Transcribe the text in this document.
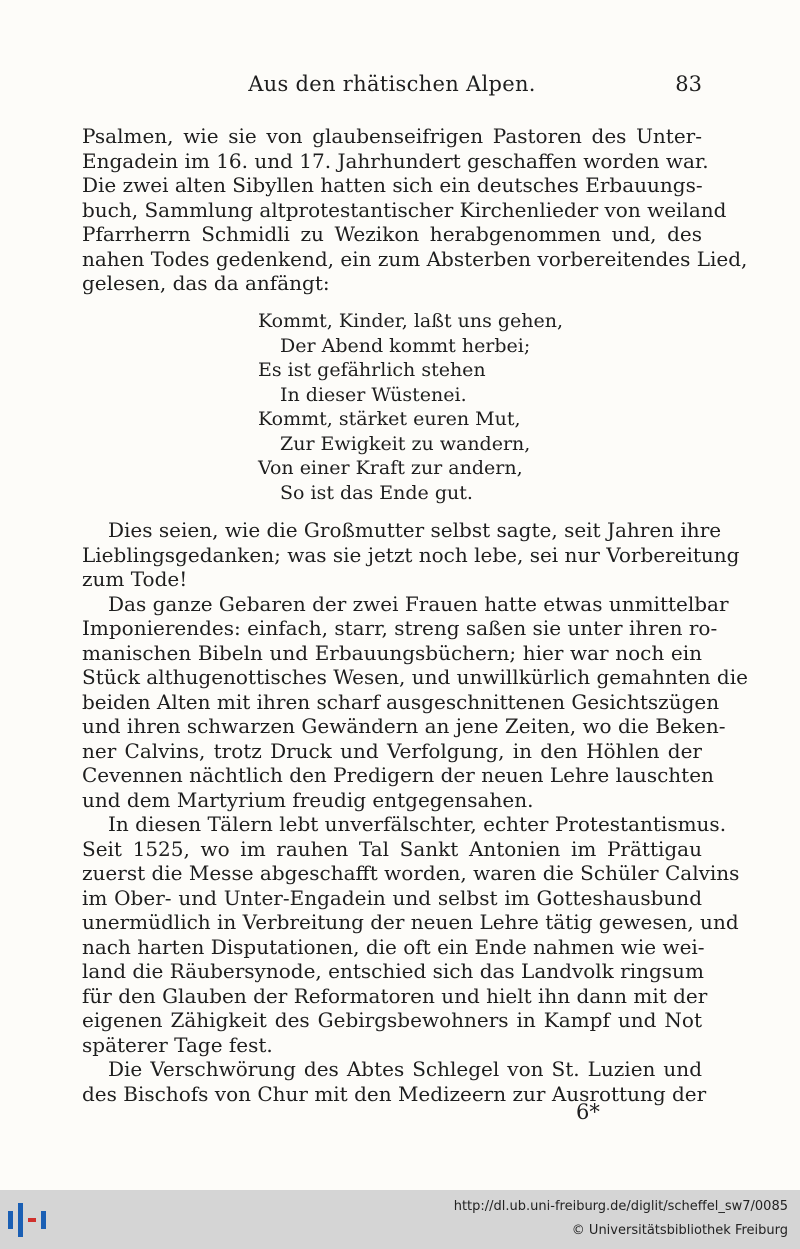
Aus den rhätischen Alpen.	83
Psalmen, wie sie von glaubenseifrigen Pastoren des Unter-
Engadein im 16. und 17. Jahrhundert geschaffen worden war.
Die zwei alten Sibyllen hatten sich ein deutsches Erbauungs-
buch, Sammlung altprotestantischer Kirchenlieder von weiland
Pfarrherrn Schmidli zu Wezikon herabgenommen und, des
nahen Todes gedenkend, ein zum Absterben vorbereitendes Lied,
gelesen, das da anfängt:
Kommt, Kinder, laßt uns gehen,
Der Abend kommt herbei;
Es ist gefährlich stehen
In dieser Wüstenei.
Kommt, stärket euren Mut,
Zur Ewigkeit zu wandern,
Von einer Kraft zur andern,
So ist das Ende gut.
Dies seien, wie die Großmutter selbst sagte, seit Jahren ihre
Lieblingsgedanken; was sie jetzt noch lebe, sei nur Vorbereitung
zum Tode!
Das ganze Gebaren der zwei Frauen hatte etwas unmittelbar
Imponierendes: einfach, starr, streng saßen sie unter ihren ro-
manischen Bibeln und Erbauungsbüchern; hier war noch ein
Stück althugenottisches Wesen, und unwillkürlich gemahnten die
beiden Alten mit ihren scharf ausgeschnittenen Gesichtszügen
und ihren schwarzen Gewändern an jene Zeiten, wo die Beken-
ner Calvins, trotz Druck und Verfolgung, in den Höhlen der
Cevennen nächtlich den Predigern der neuen Lehre lauschten
und dem Martyrium freudig entgegensahen.
In diesen Tälern lebt unverfälschter, echter Protestantismus.
Seit 1525, wo im rauhen Tal Sankt Antonien im Prättigau
zuerst die Messe abgeschafft worden, waren die Schüler Calvins
im Ober- und Unter-Engadein und selbst im Gotteshausbund
unermüdlich in Verbreitung der neuen Lehre tätig gewesen, und
nach harten Disputationen, die oft ein Ende nahmen wie wei-
land die Räubersynode, entschied sich das Landvolk ringsum
für den Glauben der Reformatoren und hielt ihn dann mit der
eigenen Zähigkeit des Gebirgsbewohners in Kampf und Not
späterer Tage fest.
Die Verschwörung des Abtes Schlegel von St. Luzien und
des Bischofs von Chur mit den Medizeern zur Ausrottung der
6*
http://dl.ub.uni-freiburg.de/diglit/scheffel_sw7/0085
© Universitätsbibliothek Freiburg
